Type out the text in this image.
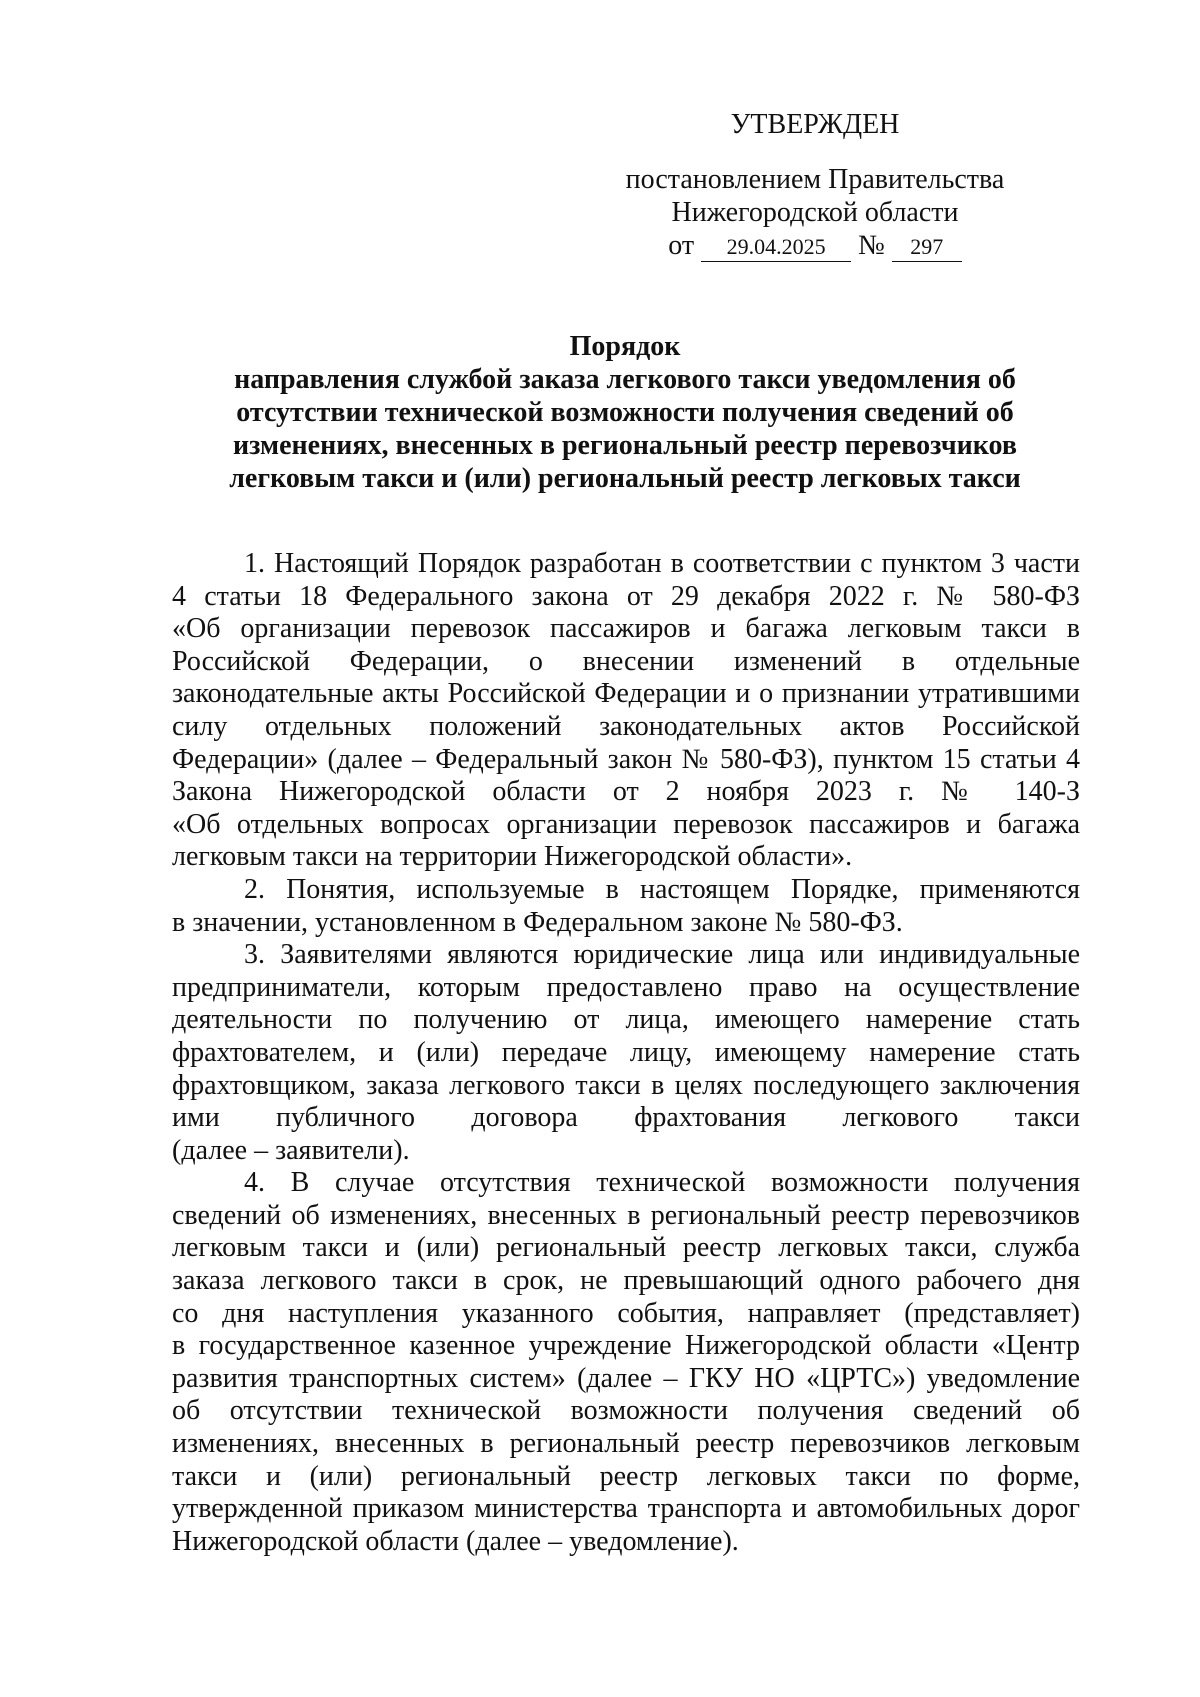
УТВЕРЖДЕН
постановлением Правительства
Нижегородской области
от 29.04.2025 № 297
Порядок
направления службой заказа легкового такси уведомления об
отсутствии технической возможности получения сведений об
изменениях, внесенных в региональный реестр перевозчиков
легковым такси и (или) региональный реестр легковых такси
1. Настоящий Порядок разработан в соответствии с пунктом 3 части
4 статьи 18 Федерального закона от 29 декабря 2022 г. № 580-ФЗ
«Об организации перевозок пассажиров и багажа легковым такси в
Российской Федерации, о внесении изменений в отдельные
законодательные акты Российской Федерации и о признании утратившими
силу отдельных положений законодательных актов Российской
Федерации» (далее – Федеральный закон № 580-ФЗ), пунктом 15 статьи 4
Закона Нижегородской области от 2 ноября 2023 г. № 140-З
«Об отдельных вопросах организации перевозок пассажиров и багажа
легковым такси на территории Нижегородской области».
2. Понятия, используемые в настоящем Порядке, применяются
в значении, установленном в Федеральном законе № 580-ФЗ.
3. Заявителями являются юридические лица или индивидуальные
предприниматели, которым предоставлено право на осуществление
деятельности по получению от лица, имеющего намерение стать
фрахтователем, и (или) передаче лицу, имеющему намерение стать
фрахтовщиком, заказа легкового такси в целях последующего заключения
ими публичного договора фрахтования легкового такси
(далее – заявители).
4. В случае отсутствия технической возможности получения
сведений об изменениях, внесенных в региональный реестр перевозчиков
легковым такси и (или) региональный реестр легковых такси, служба
заказа легкового такси в срок, не превышающий одного рабочего дня
со дня наступления указанного события, направляет (представляет)
в государственное казенное учреждение Нижегородской области «Центр
развития транспортных систем» (далее – ГКУ НО «ЦРТС») уведомление
об отсутствии технической возможности получения сведений об
изменениях, внесенных в региональный реестр перевозчиков легковым
такси и (или) региональный реестр легковых такси по форме,
утвержденной приказом министерства транспорта и автомобильных дорог
Нижегородской области (далее – уведомление).
